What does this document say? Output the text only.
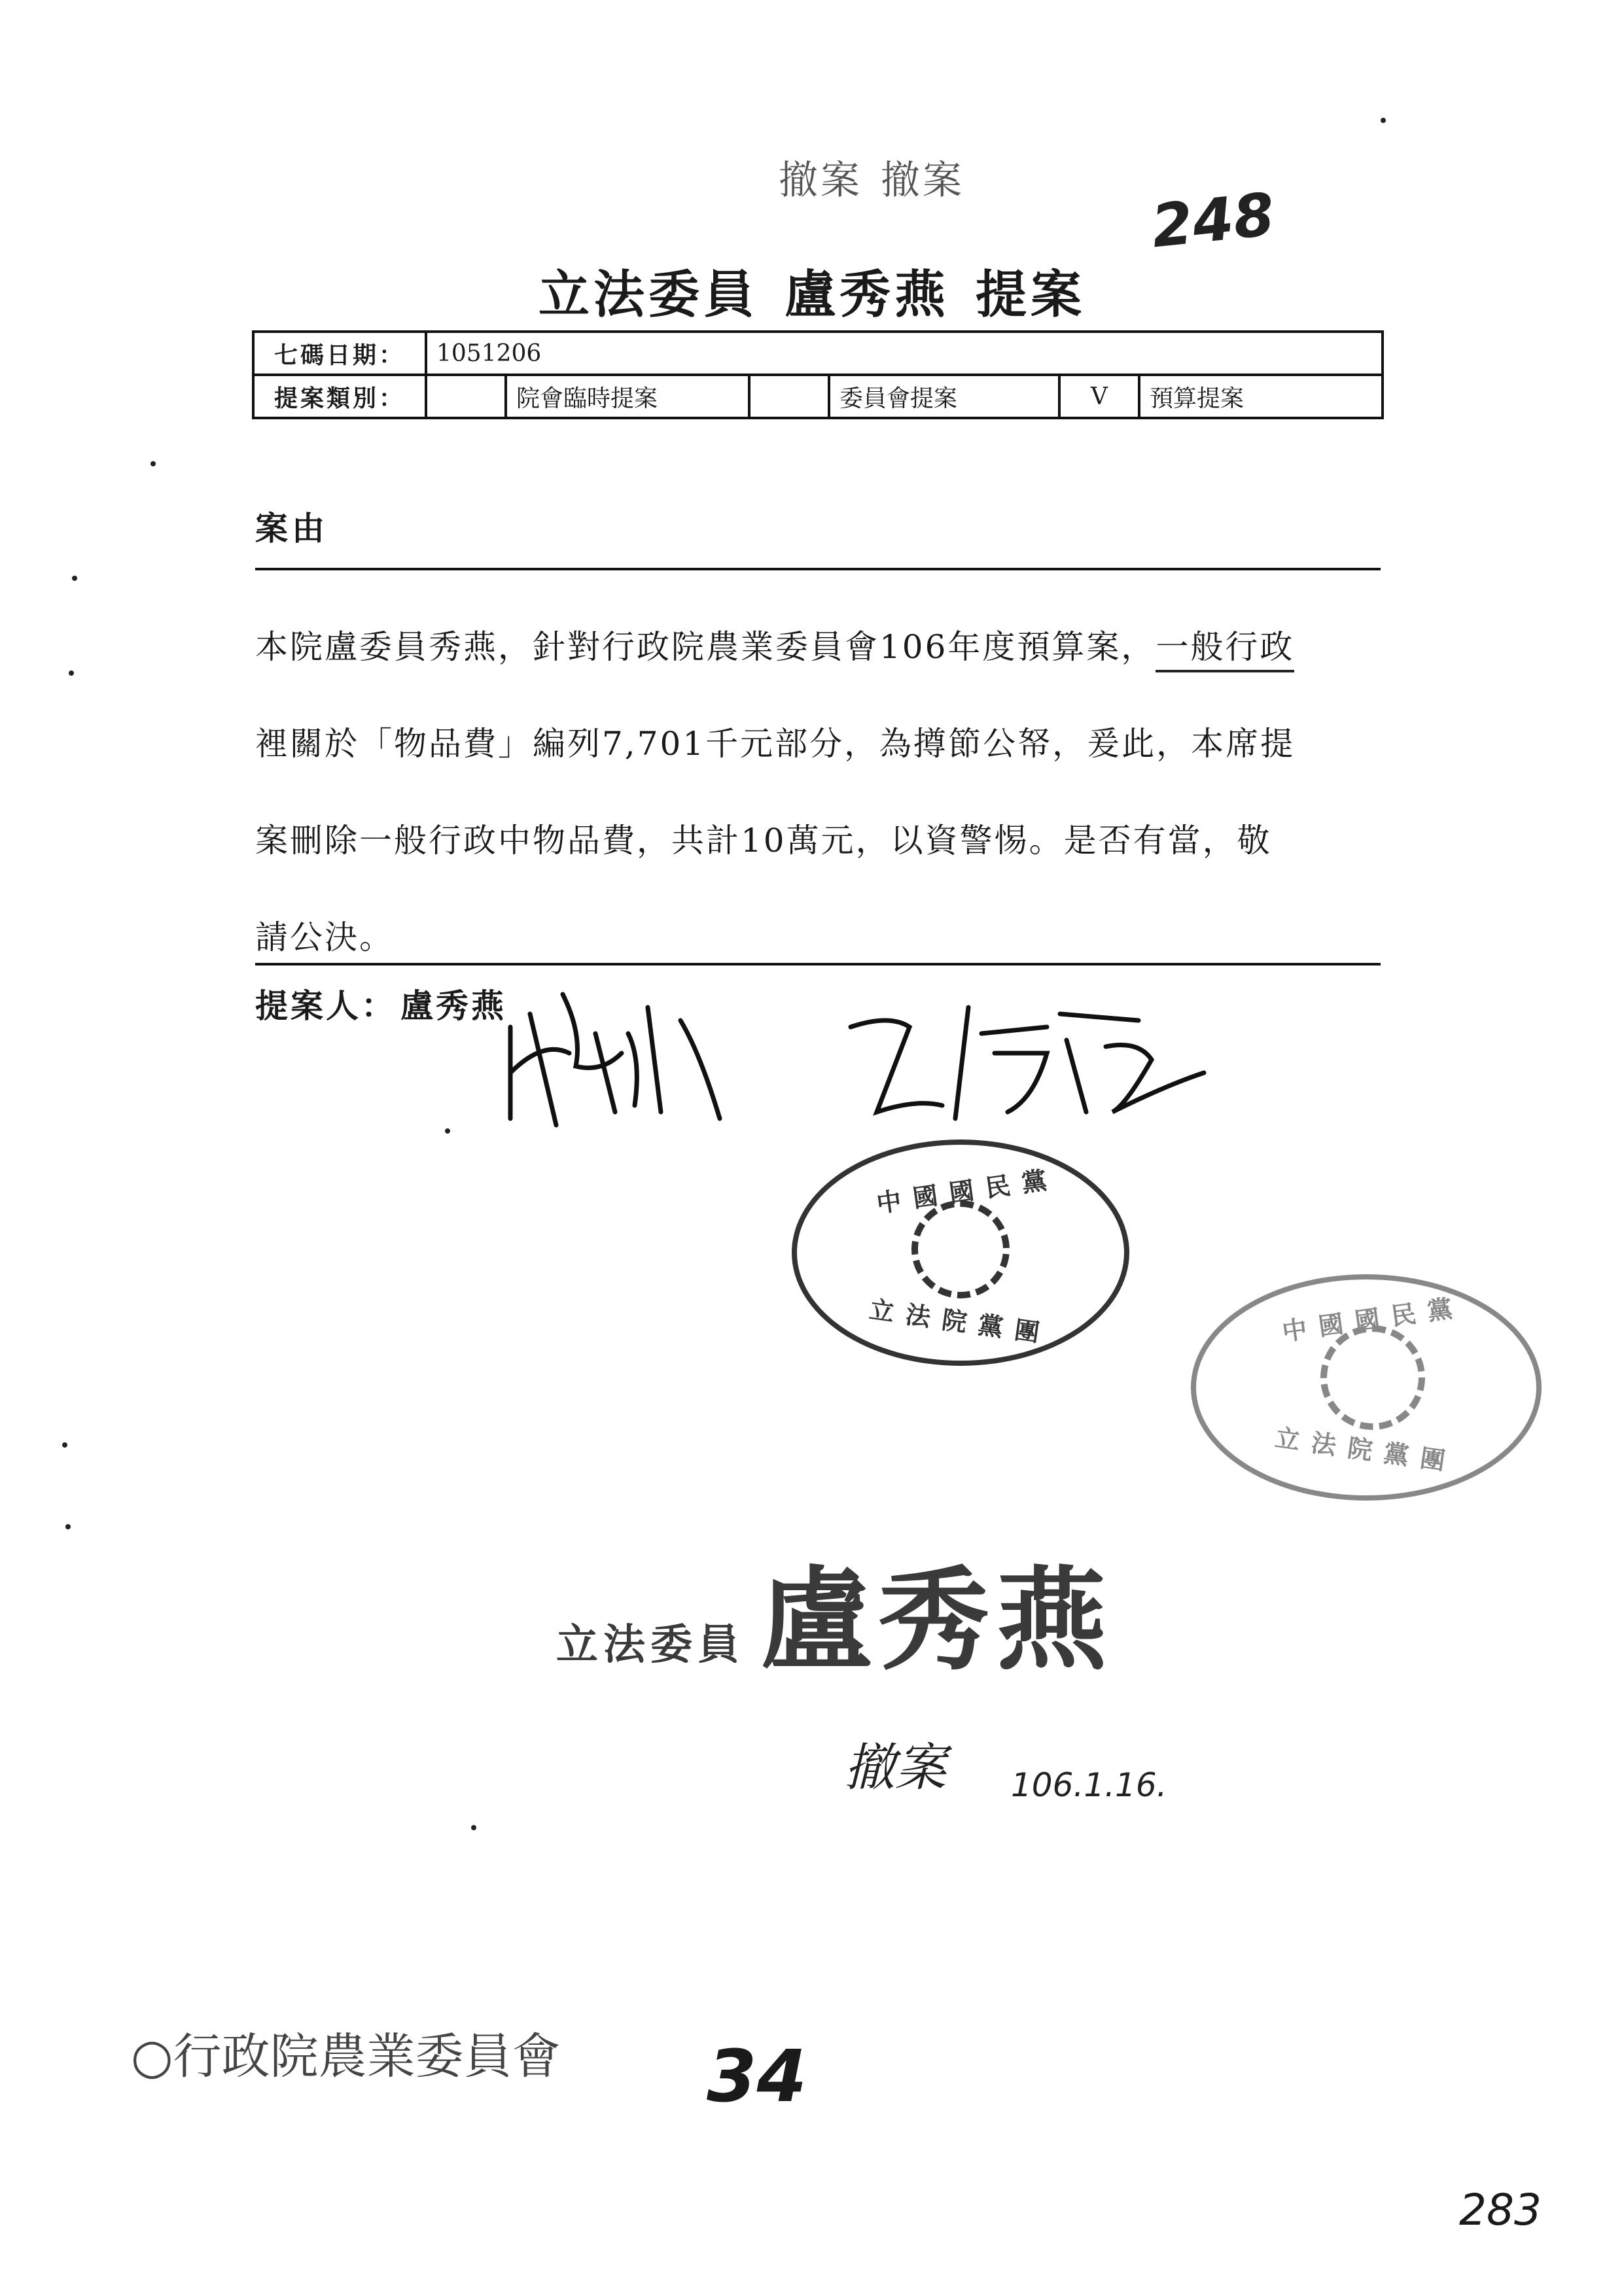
撤案 撤案	248
立法委員 盧秀燕 提案
七碼日期：	1051206					
提案類別：		院會臨時提案		委員會提案	V	預算提案
案由

本院盧委員秀燕，針對行政院農業委員會106年度預算案，一般行政

裡關於「物品費」編列7,701千元部分，為撙節公帑，爰此，本席提

案刪除一般行政中物品費，共計10萬元，以資警惕。是否有當，敬

請公決。

提案人： 盧秀燕
中國國民黨
立法院黨團	中國國民黨
立法院黨團
立法委員 盧秀燕
撤案 106.1.16.
○行政院農業委員會 34
283
